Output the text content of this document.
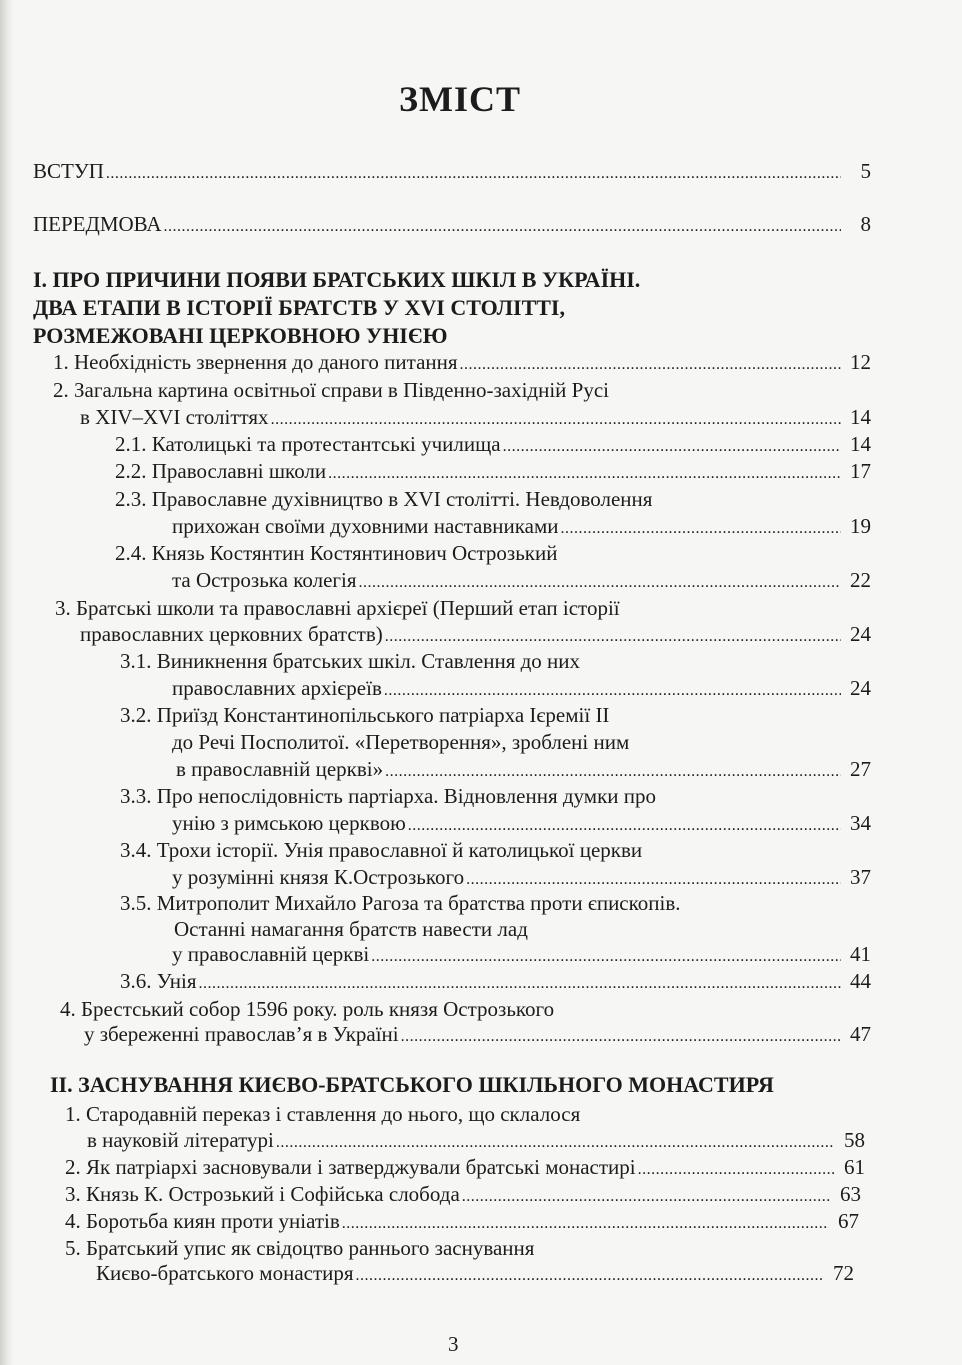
ЗМІСТ
ВСТУП .....	5
ПЕРЕДМОВА .....	8
І. ПРО ПРИЧИНИ ПОЯВИ БРАТСЬКИХ ШКІЛ В УКРАЇНІ.
ДВА ЕТАПИ В ІСТОРІЇ БРАТСТВ У XVI СТОЛІТТІ,
РОЗМЕЖОВАНІ ЦЕРКОВНОЮ УНІЄЮ
1. Необхідність звернення до даного питання .....	12
2. Загальна картина освітньої справи в Південно-західній Русі
в XIV–XVI століттях .....	14
2.1. Католицькі та протестантські училища .....	14
2.2. Православні школи .....	17
2.3. Православне духівництво в XVI столітті. Невдоволення
прихожан своїми духовними наставниками .....	19
2.4. Князь Костянтин Костянтинович Острозький
та Острозька колегія .....	22
3. Братські школи та православні архієреї (Перший етап історії
православних церковних братств) .....	24
3.1. Виникнення братських шкіл. Ставлення до них
православних архієреїв .....	24
3.2. Приїзд Константинопільського патріарха Ієремії ІІ
до Речі Посполитої. «Перетворення», зроблені ним
в православній церкві» .....	27
3.3. Про непослідовність партіарха. Відновлення думки про
унію з римською церквою .....	34
3.4. Трохи історії. Унія православної й католицької церкви
у розумінні князя К.Острозького .....	37
3.5. Митрополит Михайло Рагоза та братства проти єпископів.
Останні намагання братств навести лад
у православній церкві .....	41
3.6. Унія .....	44
4. Брестський собор 1596 року. роль князя Острозького
у збереженні православ’я в Україні .....	47
ІІ. ЗАСНУВАННЯ КИЄВО-БРАТСЬКОГО ШКІЛЬНОГО МОНАСТИРЯ
1. Стародавній переказ і ставлення до нього, що склалося
в науковій літературі .....	58
2. Як патріархі засновували і затверджували братські монастирі .....	61
3. Князь К. Острозький і Софійська слобода .....	63
4. Боротьба киян проти уніатів .....	67
5. Братський упис як свідоцтво раннього заснування
Києво-братського монастиря .....	72
3
